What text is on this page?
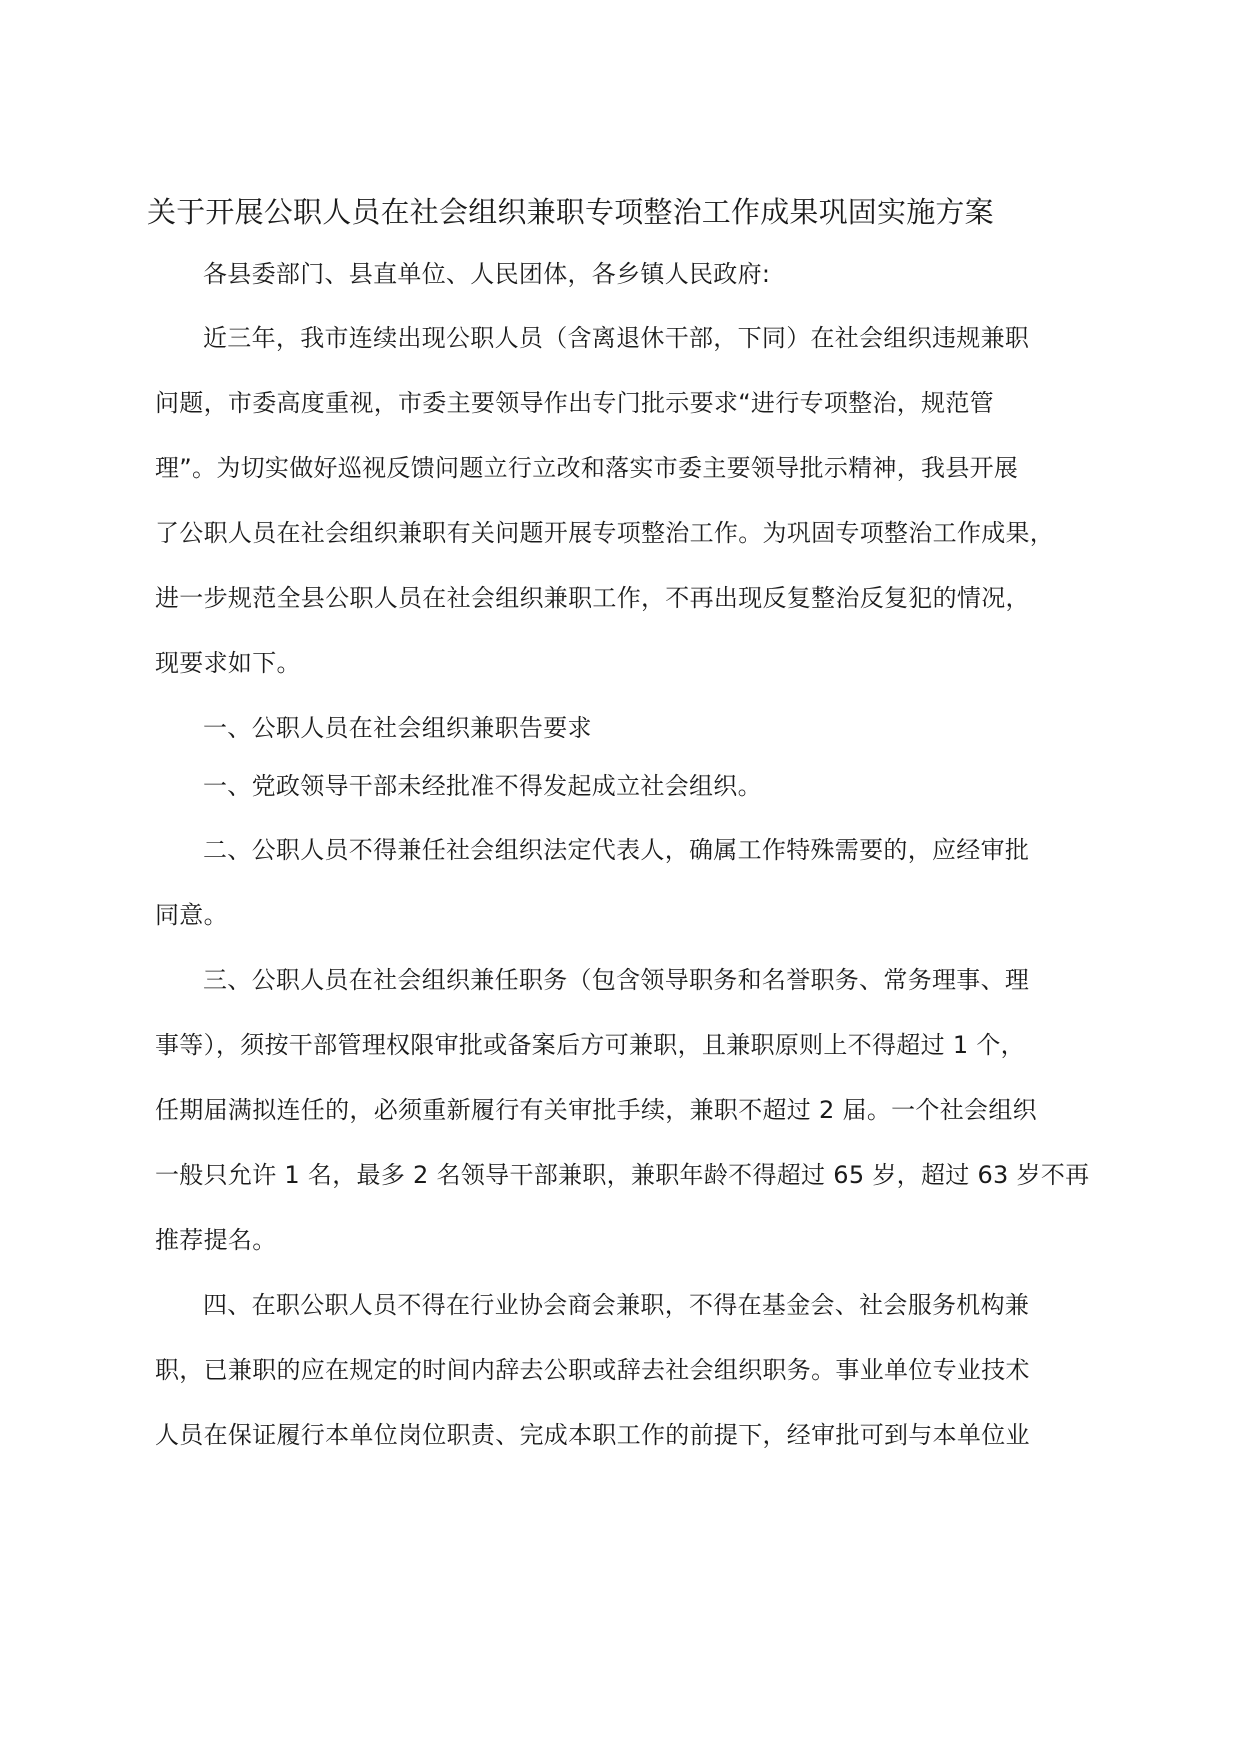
关于开展公职人员在社会组织兼职专项整治工作成果巩固实施方案

各县委部门、县直单位、人民团体，各乡镇人民政府:

近三年，我市连续出现公职人员（含离退休干部，下同）在社会组织违规兼职
问题，市委高度重视，市委主要领导作出专门批示要求“进行专项整治，规范管
理”。为切实做好巡视反馈问题立行立改和落实市委主要领导批示精神，我县开展
了公职人员在社会组织兼职有关问题开展专项整治工作。为巩固专项整治工作成果，
进一步规范全县公职人员在社会组织兼职工作，不再出现反复整治反复犯的情况，
现要求如下。

一、公职人员在社会组织兼职告要求

一、党政领导干部未经批准不得发起成立社会组织。

二、公职人员不得兼任社会组织法定代表人，确属工作特殊需要的，应经审批
同意。

三、公职人员在社会组织兼任职务（包含领导职务和名誉职务、常务理事、理
事等），须按干部管理权限审批或备案后方可兼职，且兼职原则上不得超过 1 个，
任期届满拟连任的，必须重新履行有关审批手续，兼职不超过 2 届。一个社会组织
一般只允许 1 名，最多 2 名领导干部兼职，兼职年龄不得超过 65 岁，超过 63 岁不再
推荐提名。

四、在职公职人员不得在行业协会商会兼职，不得在基金会、社会服务机构兼
职，已兼职的应在规定的时间内辞去公职或辞去社会组织职务。事业单位专业技术
人员在保证履行本单位岗位职责、完成本职工作的前提下，经审批可到与本单位业
